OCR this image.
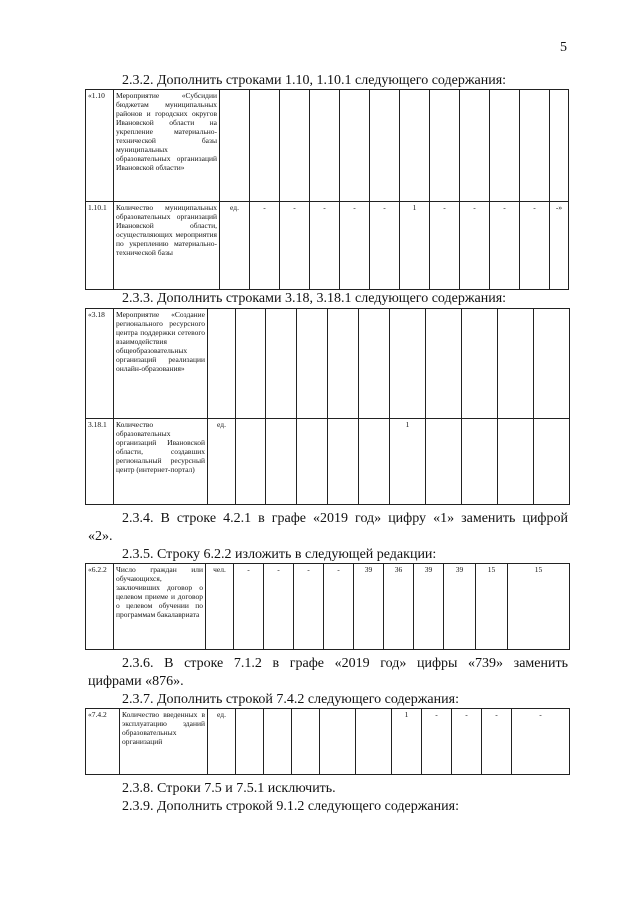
5
2.3.2. Дополнить строками 1.10, 1.10.1 следующего содержания:
«1.10	Мероприятие «Субсидии бюджетам муниципальных районов и городских округов Ивановской области на укрепление материально-технической базы муниципальных образовательных организаций Ивановской области»												
1.10.1	Количество муниципальных образовательных организаций Ивановской области, осуществляющих мероприятия по укреплению материально-технической базы	ед.	-	-	-	-	-	1	-	-	-	-	-»
2.3.3. Дополнить строками 3.18, 3.18.1 следующего содержания:
«3.18	Мероприятие «Создание регионального ресурсного центра поддержки сетевого взаимодействия общеобразовательных организаций реализации онлайн-образования»												
3.18.1	Количество образовательных организаций Ивановской области, создавших региональный ресурсный центр (интернет-портал)	ед.						1					
2.3.4. В строке 4.2.1 в графе «2019 год» цифру «1» заменить цифрой
«2».
2.3.5. Строку 6.2.2 изложить в следующей редакции:
«6.2.2	Число граждан или обучающихся, заключивших договор о целевом приеме и договор о целевом обучении по программам бакалавриата	чел.	-	-	-	-	39	36	39	39	15	15	
2.3.6. В строке 7.1.2 в графе «2019 год» цифры «739» заменить
цифрами «876».
2.3.7. Дополнить строкой 7.4.2 следующего содержания:
«7.4.2	Количество введенных в эксплуатацию зданий образовательных организаций	ед.						1	-	-	-	-	
2.3.8. Строки 7.5 и 7.5.1 исключить.
2.3.9. Дополнить строкой 9.1.2 следующего содержания:
